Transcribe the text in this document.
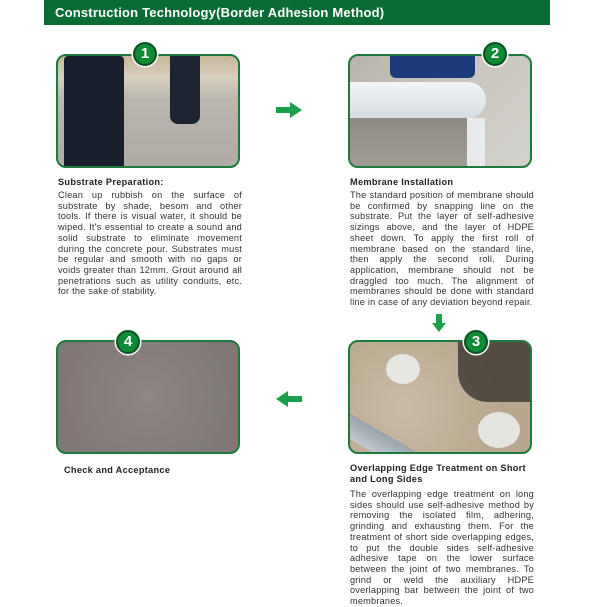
Construction Technology(Border Adhesion Method)
1
Substrate Preparation:
Clean up rubbish on the surface of substrate by shade, besom and other tools. If there is visual water, it should be wiped. It's essential to create a sound and solid substrate to eliminate movement during the concrete pour. Substrates must be regular and smooth with no gaps or voids greater than 12mm. Grout around all penetrations such as utility conduits, etc. for the sake of stability.
2
Membrane Installation
The standard position of membrane should be confirmed by snapping line on the substrate. Put the layer of self-adhesive sizings above, and the layer of HDPE sheet down. To apply the first roll of membrane based on the standard line, then apply the second roll. During application, membrane should not be draggled too much. The alignment of membranes should be done with standard line in case of any deviation beyond repair.
3
Overlapping Edge Treatment on Short and Long Sides
The overlapping edge treatment on long sides should use self-adhesive method by removing the isolated film, adhering, grinding and exhausting them. For the treatment of short side overlapping edges, to put the double sides self-adhesive adhesive tape on the lower surface between the joint of two membranes. To grind or weld the auxiliary HDPE overlapping bar between the joint of two membranes.
4
Check and Acceptance
